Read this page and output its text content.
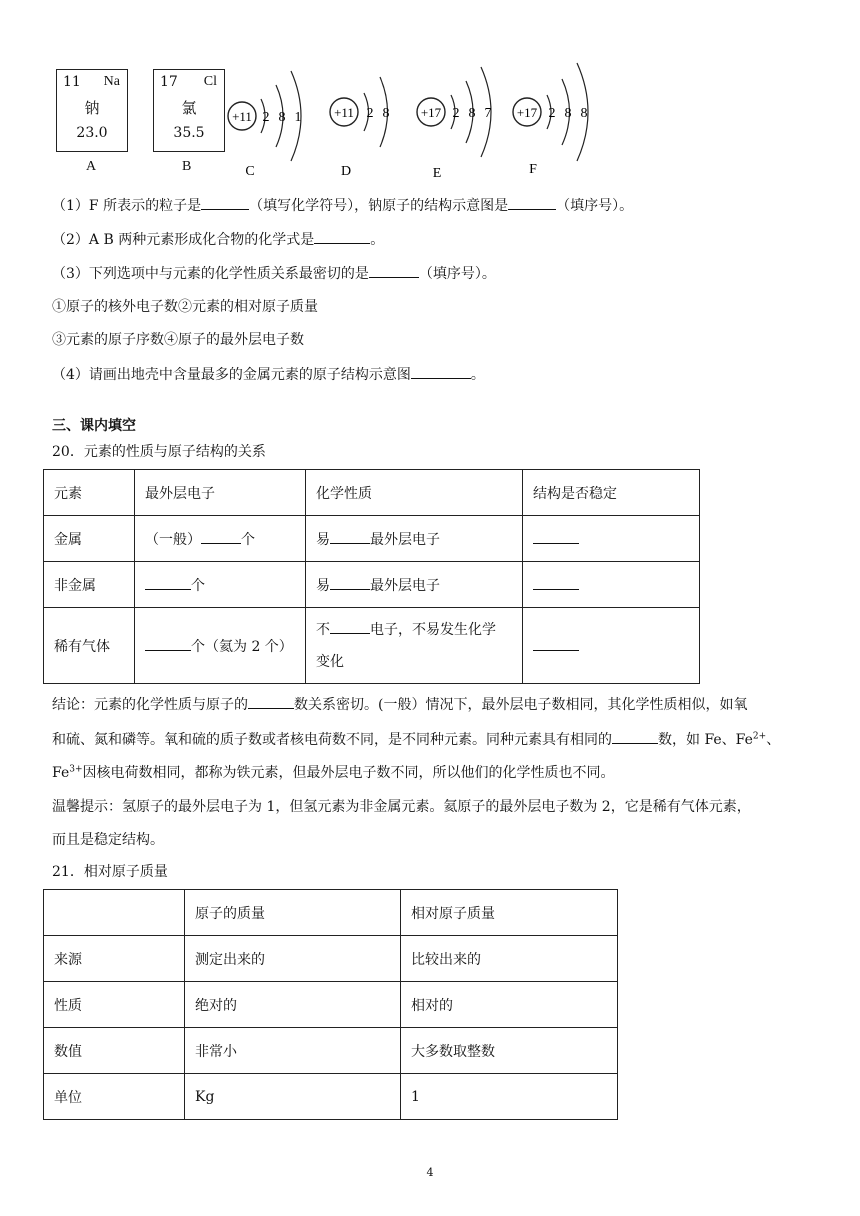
11 Na
钠
23.0
A
17 Cl
氯
35.5
B
+11 2 8 1
C
+11 2 8
D
+17 2 8 7
E
+17 2 8 8
F
（1）F 所表示的粒子是	（填写化学符号），钠原子的结构示意图是	（填序号）。
（2）A B 两种元素形成化合物的化学式是	。
（3）下列选项中与元素的化学性质关系最密切的是	（填序号）。
①原子的核外电子数②元素的相对原子质量
③元素的原子序数④原子的最外层电子数
（4）请画出地壳中含量最多的金属元素的原子结构示意图	。
三、课内填空
20．元素的性质与原子结构的关系
元素	最外层电子	化学性质	结构是否稳定
金属	（一般） 个	易 最外层电子	
非金属	个	易 最外层电子	
稀有气体	个（氦为 2 个）	不 电子，不易发生化学
变化	
结论：元素的化学性质与原子的	数关系密切。(一般）情况下，最外层电子数相同，其化学性质相似，如氧
和硫、氮和磷等。氧和硫的质子数或者核电荷数不同，是不同种元素。同种元素具有相同的	数，如 Fe、$Fe^{2+}$、
$Fe^{3+}$因核电荷数相同，都称为铁元素，但最外层电子数不同，所以他们的化学性质也不同。
温馨提示：氢原子的最外层电子为 1，但氢元素为非金属元素。氦原子的最外层电子数为 2，它是稀有气体元素，
而且是稳定结构。
21．相对原子质量
	原子的质量	相对原子质量
来源	测定出来的	比较出来的
性质	绝对的	相对的
数值	非常小	大多数取整数
单位	Kg	1
4
